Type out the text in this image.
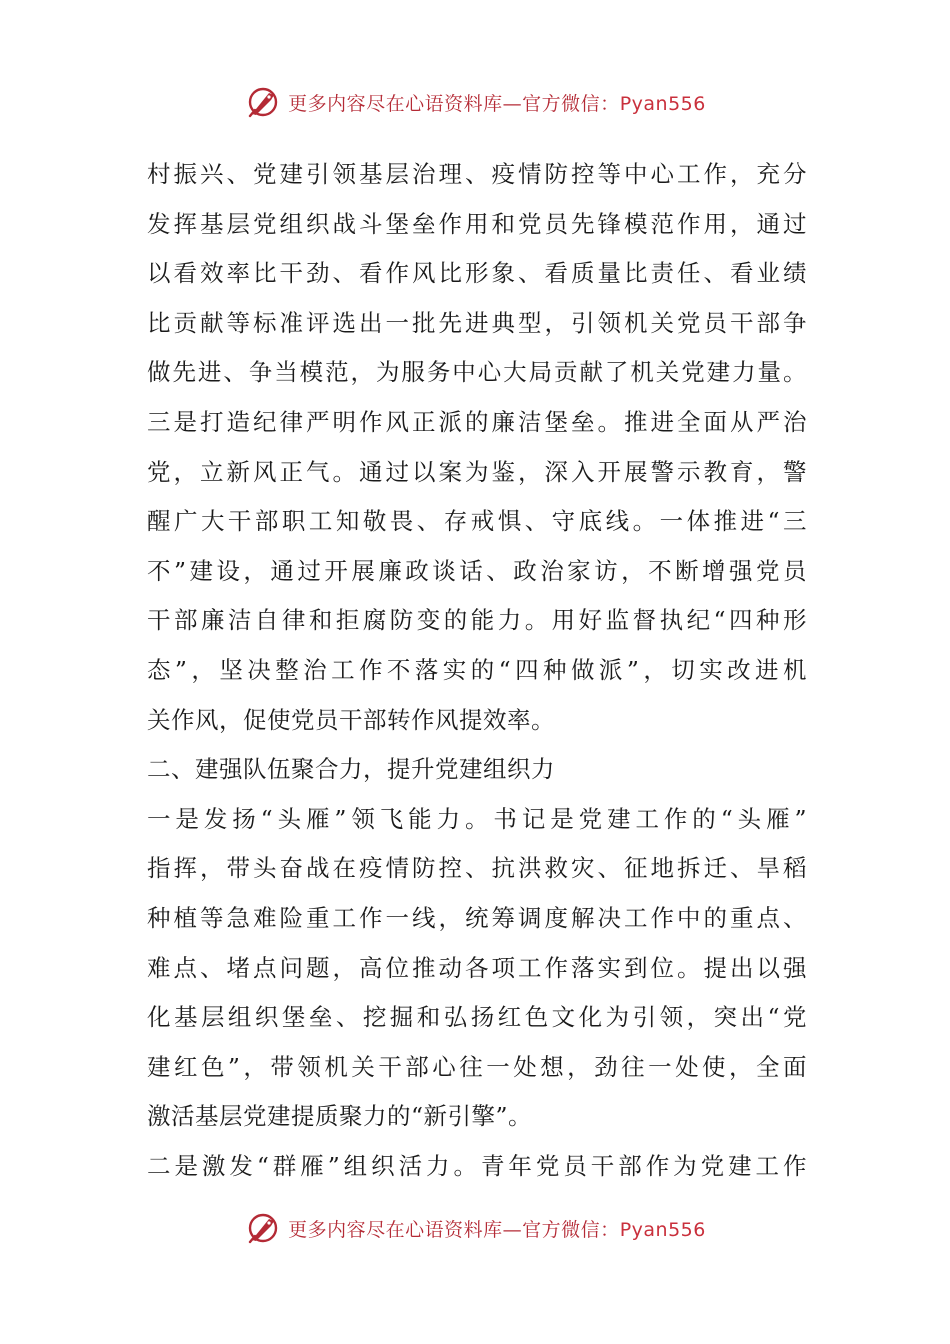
更多内容尽在心语资料库—官方微信：Pyan556
村振兴、党建引领基层治理、疫情防控等中心工作，充分
发挥基层党组织战斗堡垒作用和党员先锋模范作用，通过
以看效率比干劲、看作风比形象、看质量比责任、看业绩
比贡献等标准评选出一批先进典型，引领机关党员干部争
做先进、争当模范，为服务中心大局贡献了机关党建力量。
三是打造纪律严明作风正派的廉洁堡垒。推进全面从严治
党，立新风正气。通过以案为鉴，深入开展警示教育，警
醒广大干部职工知敬畏、存戒惧、守底线。一体推进“三
不”建设，通过开展廉政谈话、政治家访，不断增强党员
干部廉洁自律和拒腐防变的能力。用好监督执纪“四种形
态”，坚决整治工作不落实的“四种做派”，切实改进机
关作风，促使党员干部转作风提效率。
二、建强队伍聚合力，提升党建组织力
一是发扬“头雁”领飞能力。书记是党建工作的“头雁”
指挥，带头奋战在疫情防控、抗洪救灾、征地拆迁、旱稻
种植等急难险重工作一线，统筹调度解决工作中的重点、
难点、堵点问题，高位推动各项工作落实到位。提出以强
化基层组织堡垒、挖掘和弘扬红色文化为引领，突出“党
建红色”，带领机关干部心往一处想，劲往一处使，全面
激活基层党建提质聚力的“新引擎”。
二是激发“群雁”组织活力。青年党员干部作为党建工作
更多内容尽在心语资料库—官方微信：Pyan556
